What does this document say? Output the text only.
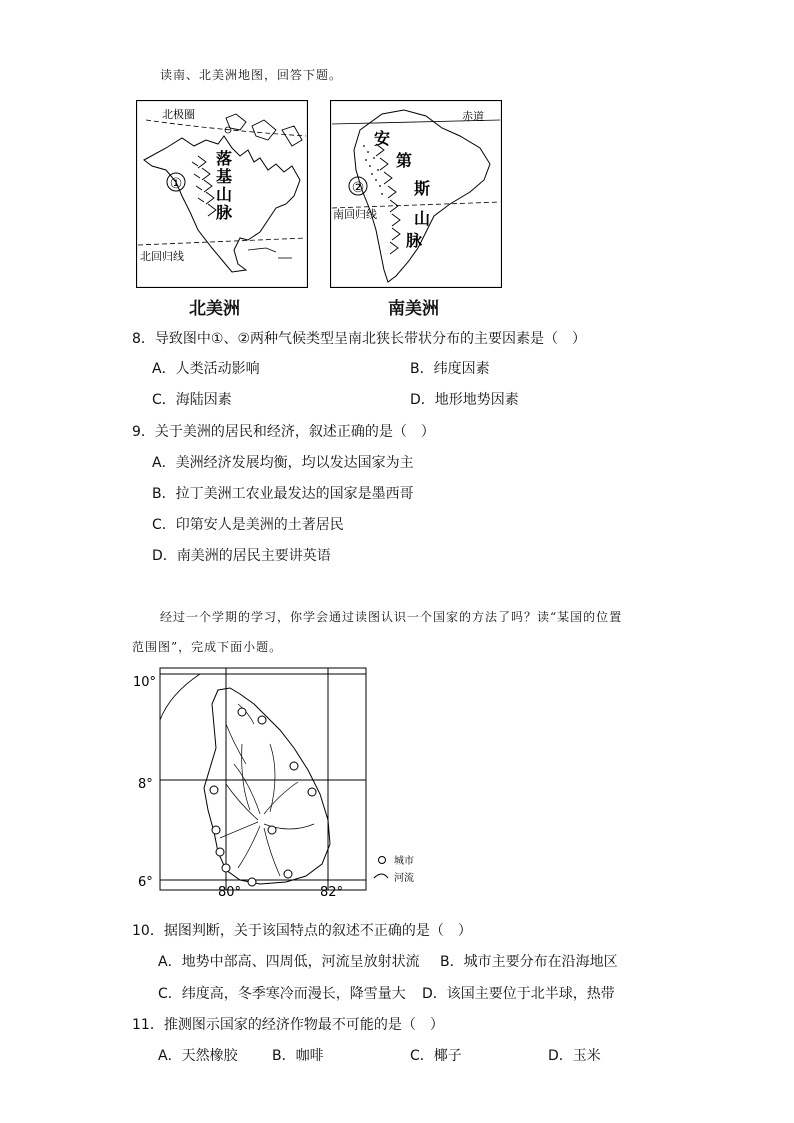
读南、北美洲地图，回答下题。
①
北极圈
北回归线
落
基
山
脉
北美洲
②
赤道
南回归线
安
第
斯
山
脉
南美洲
8．导致图中①、②两种气候类型呈南北狭长带状分布的主要因素是（　）
A．人类活动影响	B．纬度因素
C．海陆因素	D．地形地势因素
9．关于美洲的居民和经济，叙述正确的是（　）
A．美洲经济发展均衡，均以发达国家为主
B．拉丁美洲工农业最发达的国家是墨西哥
C．印第安人是美洲的土著居民
D．南美洲的居民主要讲英语
经过一个学期的学习，你学会通过读图认识一个国家的方法了吗？读“某国的位置
范围图”，完成下面小题。
10°
8°
6°
80°	82°
城市
河流
10．据图判断，关于该国特点的叙述不正确的是（　）
A．地势中部高、四周低，河流呈放射状流 B．城市主要分布在沿海地区
C．纬度高，冬季寒冷而漫长，降雪量大 D．该国主要位于北半球，热带
11．推测图示国家的经济作物最不可能的是（　）
A．天然橡胶 B．咖啡	C．椰子	D．玉米
